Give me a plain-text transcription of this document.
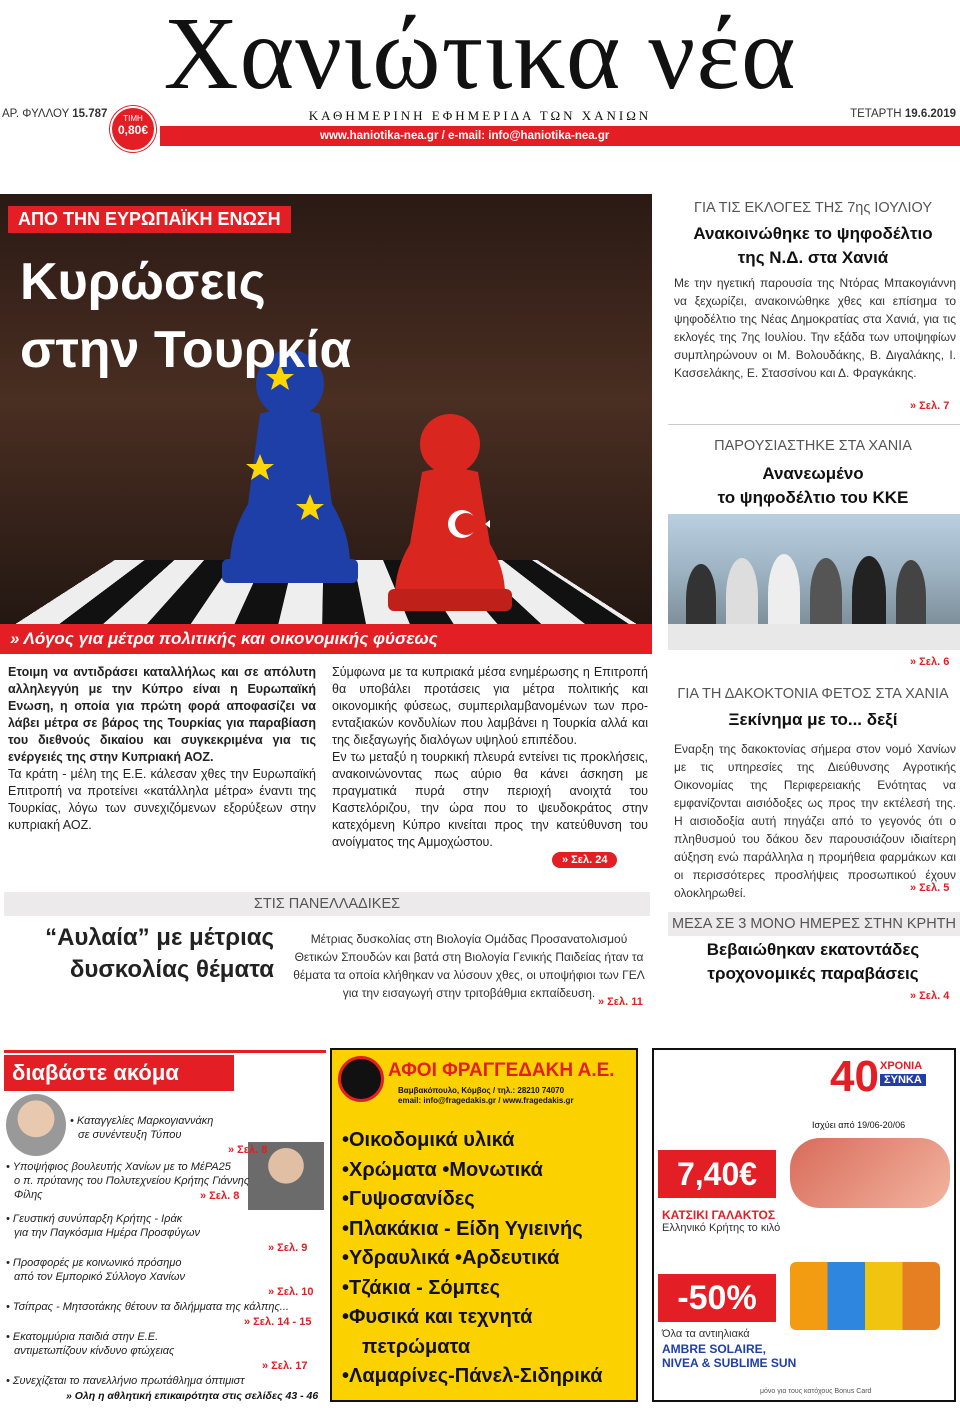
Χανιώτικα νέα
ΑΡ. ΦΥΛΛΟΥ 15.787
www.haniotika-nea.gr / e-mail: info@haniotika-nea.gr
ΤΙΜΗ
0,80€
ΚΑΘΗΜΕΡΙΝΗ ΕΦΗΜΕΡΙΔΑ ΤΩΝ ΧΑΝΙΩΝ	ΤΕΤΑΡΤΗ 19.6.2019
ΑΠΟ ΤΗΝ ΕΥΡΩΠΑΪΚΗ ΕΝΩΣΗ
Κυρώσεις
στην Τουρκία
» Λόγος για μέτρα πολιτικής και οικονομικής φύσεως

Ετοιμη να αντιδράσει καταλλήλως και σε απόλυτη αλληλεγγύη με την Κύπρο είναι η Ευρωπαϊκή Ενωση, η οποία για πρώτη φορά αποφασίζει να λάβει μέτρα σε βάρος της Τουρκίας για παραβίαση του διεθνούς δικαίου και συγκεκριμένα για τις ενέργειές της στην Κυπριακή ΑΟΖ.

Τα κράτη - μέλη της Ε.Ε. κάλεσαν χθες την Ευρωπαϊκή Επιτροπή να προτείνει «κατάλληλα μέτρα» έναντι της Τουρκίας, λόγω των συνεχιζόμενων εξορύξεων στην κυπριακή ΑΟΖ.

Σύμφωνα με τα κυπριακά μέσα ενημέρωσης η Επιτροπή θα υποβάλει προτάσεις για μέτρα πολιτικής και οικονομικής φύσεως, συμπεριλαμβανομένων των προ-ενταξιακών κονδυλίων που λαμβάνει η Τουρκία αλλά και της διεξαγωγής διαλόγων υψηλού επιπέδου.

Εν τω μεταξύ η τουρκική πλευρά εντείνει τις προκλήσεις, ανακοινώνοντας πως αύριο θα κάνει άσκηση με πραγματικά πυρά στην περιοχή ανοιχτά του Καστελόριζου, την ώρα που το ψευδοκράτος στην κατεχόμενη Κύπρο κινείται προς την κατεύθυνση του ανοίγματος της Αμμοχώστου.

» Σελ. 24
ΣΤΙΣ ΠΑΝΕΛΛΑΔΙΚΕΣ
“Αυλαία” με μέτριας
δυσκολίας θέματα
Μέτριας δυσκολίας στη Βιολογία Ομάδας Προσανατολισμού Θετικών Σπουδών και βατά στη Βιολογία Γενικής Παιδείας ήταν τα θέματα τα οποία κλήθηκαν να λύσουν χθες, οι υποψήφιοι των ΓΕΛ για την εισαγωγή στην τριτοβάθμια εκπαίδευση.
» Σελ. 11
ΓΙΑ ΤΙΣ ΕΚΛΟΓΕΣ ΤΗΣ 7ης ΙΟΥΛΙΟΥ
Ανακοινώθηκε το ψηφοδέλτιο
της Ν.Δ. στα Χανιά
Με την ηγετική παρουσία της Ντόρας Μπακογιάννη να ξεχωρίζει, ανακοινώθηκε χθες και επίσημα το ψηφοδέλτιο της Νέας Δημοκρατίας στα Χανιά, για τις εκλογές της 7ης Ιουλίου. Την εξάδα των υποψηφίων συμπληρώνουν οι Μ. Βολουδάκης, Β. Διγαλάκης, Ι. Κασσελάκης, Ε. Στασσίνου και Δ. Φραγκάκης.
» Σελ. 7
ΠΑΡΟΥΣΙΑΣΤΗΚΕ ΣΤΑ ΧΑΝΙΑ
Ανανεωμένο
το ψηφοδέλτιο του ΚΚΕ
» Σελ. 6
ΓΙΑ ΤΗ ΔΑΚΟΚΤΟΝΙΑ ΦΕΤΟΣ ΣΤΑ ΧΑΝΙΑ
Ξεκίνημα με το... δεξί
Εναρξη της δακοκτονίας σήμερα στον νομό Χανίων με τις υπηρεσίες της Διεύθυνσης Αγροτικής Οικονομίας της Περιφερειακής Ενότητας να εμφανίζονται αισιόδοξες ως προς την εκτέλεσή της. Η αισιοδοξία αυτή πηγάζει από το γεγονός ότι ο πληθυσμού του δάκου δεν παρουσιάζουν ιδιαίτερη αύξηση ενώ παράλληλα η προμήθεια φαρμάκων και οι περισσότερες προσλήψεις προσωπικού έχουν ολοκληρωθεί.	» Σελ. 5
ΜΕΣΑ ΣΕ 3 ΜΟΝΟ ΗΜΕΡΕΣ ΣΤΗΝ ΚΡΗΤΗ
Βεβαιώθηκαν εκατοντάδες
τροχονομικές παραβάσεις
» Σελ. 4
διαβάστε ακόμα
• Καταγγελίες Μαρκογιαννάκη
σε συνέντευξη Τύπου
» Σελ. 8
• Υποψήφιος βουλευτής Χανίων με το ΜέΡΑ25
ο π. πρύτανης του Πολυτεχνείου Κρήτης Γιάννης Φίλης	» Σελ. 8
• Γευστική συνύπαρξη Κρήτης - Ιράκ
για την Παγκόσμια Ημέρα Προσφύγων
» Σελ. 9
• Προσφορές με κοινωνικό πρόσημο
από τον Εμπορικό Σύλλογο Χανίων
» Σελ. 10
• Τσίπρας - Μητσοτάκης θέτουν τα διλήμματα της κάλπης...
» Σελ. 14 - 15
• Εκατομμύρια παιδιά στην Ε.Ε.
αντιμετωπίζουν κίνδυνο φτώχειας
» Σελ. 17
• Συνεχίζεται το πανελλήνιο πρωτάθλημα όπτιμιστ
» Ολη η αθλητική επικαιρότητα στις σελίδες 43 - 46
ΑΦΟΙ ΦΡΑΓΓΕΔΑΚΗ Α.Ε.
Βαμβακόπουλο, Κόμβος / τηλ.: 28210 74070
email: info@fragedakis.gr / www.fragedakis.gr
•Οικοδομικά υλικά
•Χρώματα •Μονωτικά
•Γυψοσανίδες
•Πλακάκια - Είδη Υγιεινής
•Υδραυλικά •Αρδευτικά
•Τζάκια - Σόμπες
•Φυσικά και τεχνητά
πετρώματα
•Λαμαρίνες-Πάνελ-Σιδηρικά
40 ΧΡΟΝΙΑ
ΣΥΝΚΑ
Ισχύει από 19/06-20/06
7,40€
ΚΑΤΣΙΚΙ ΓΑΛΑΚΤΟΣ
Ελληνικό Κρήτης το κιλό
-50%
Όλα τα αντιηλιακά
AMBRE SOLAIRE,
NIVEA & SUBLIME SUN
μόνο για τους κατόχους Bonus Card
